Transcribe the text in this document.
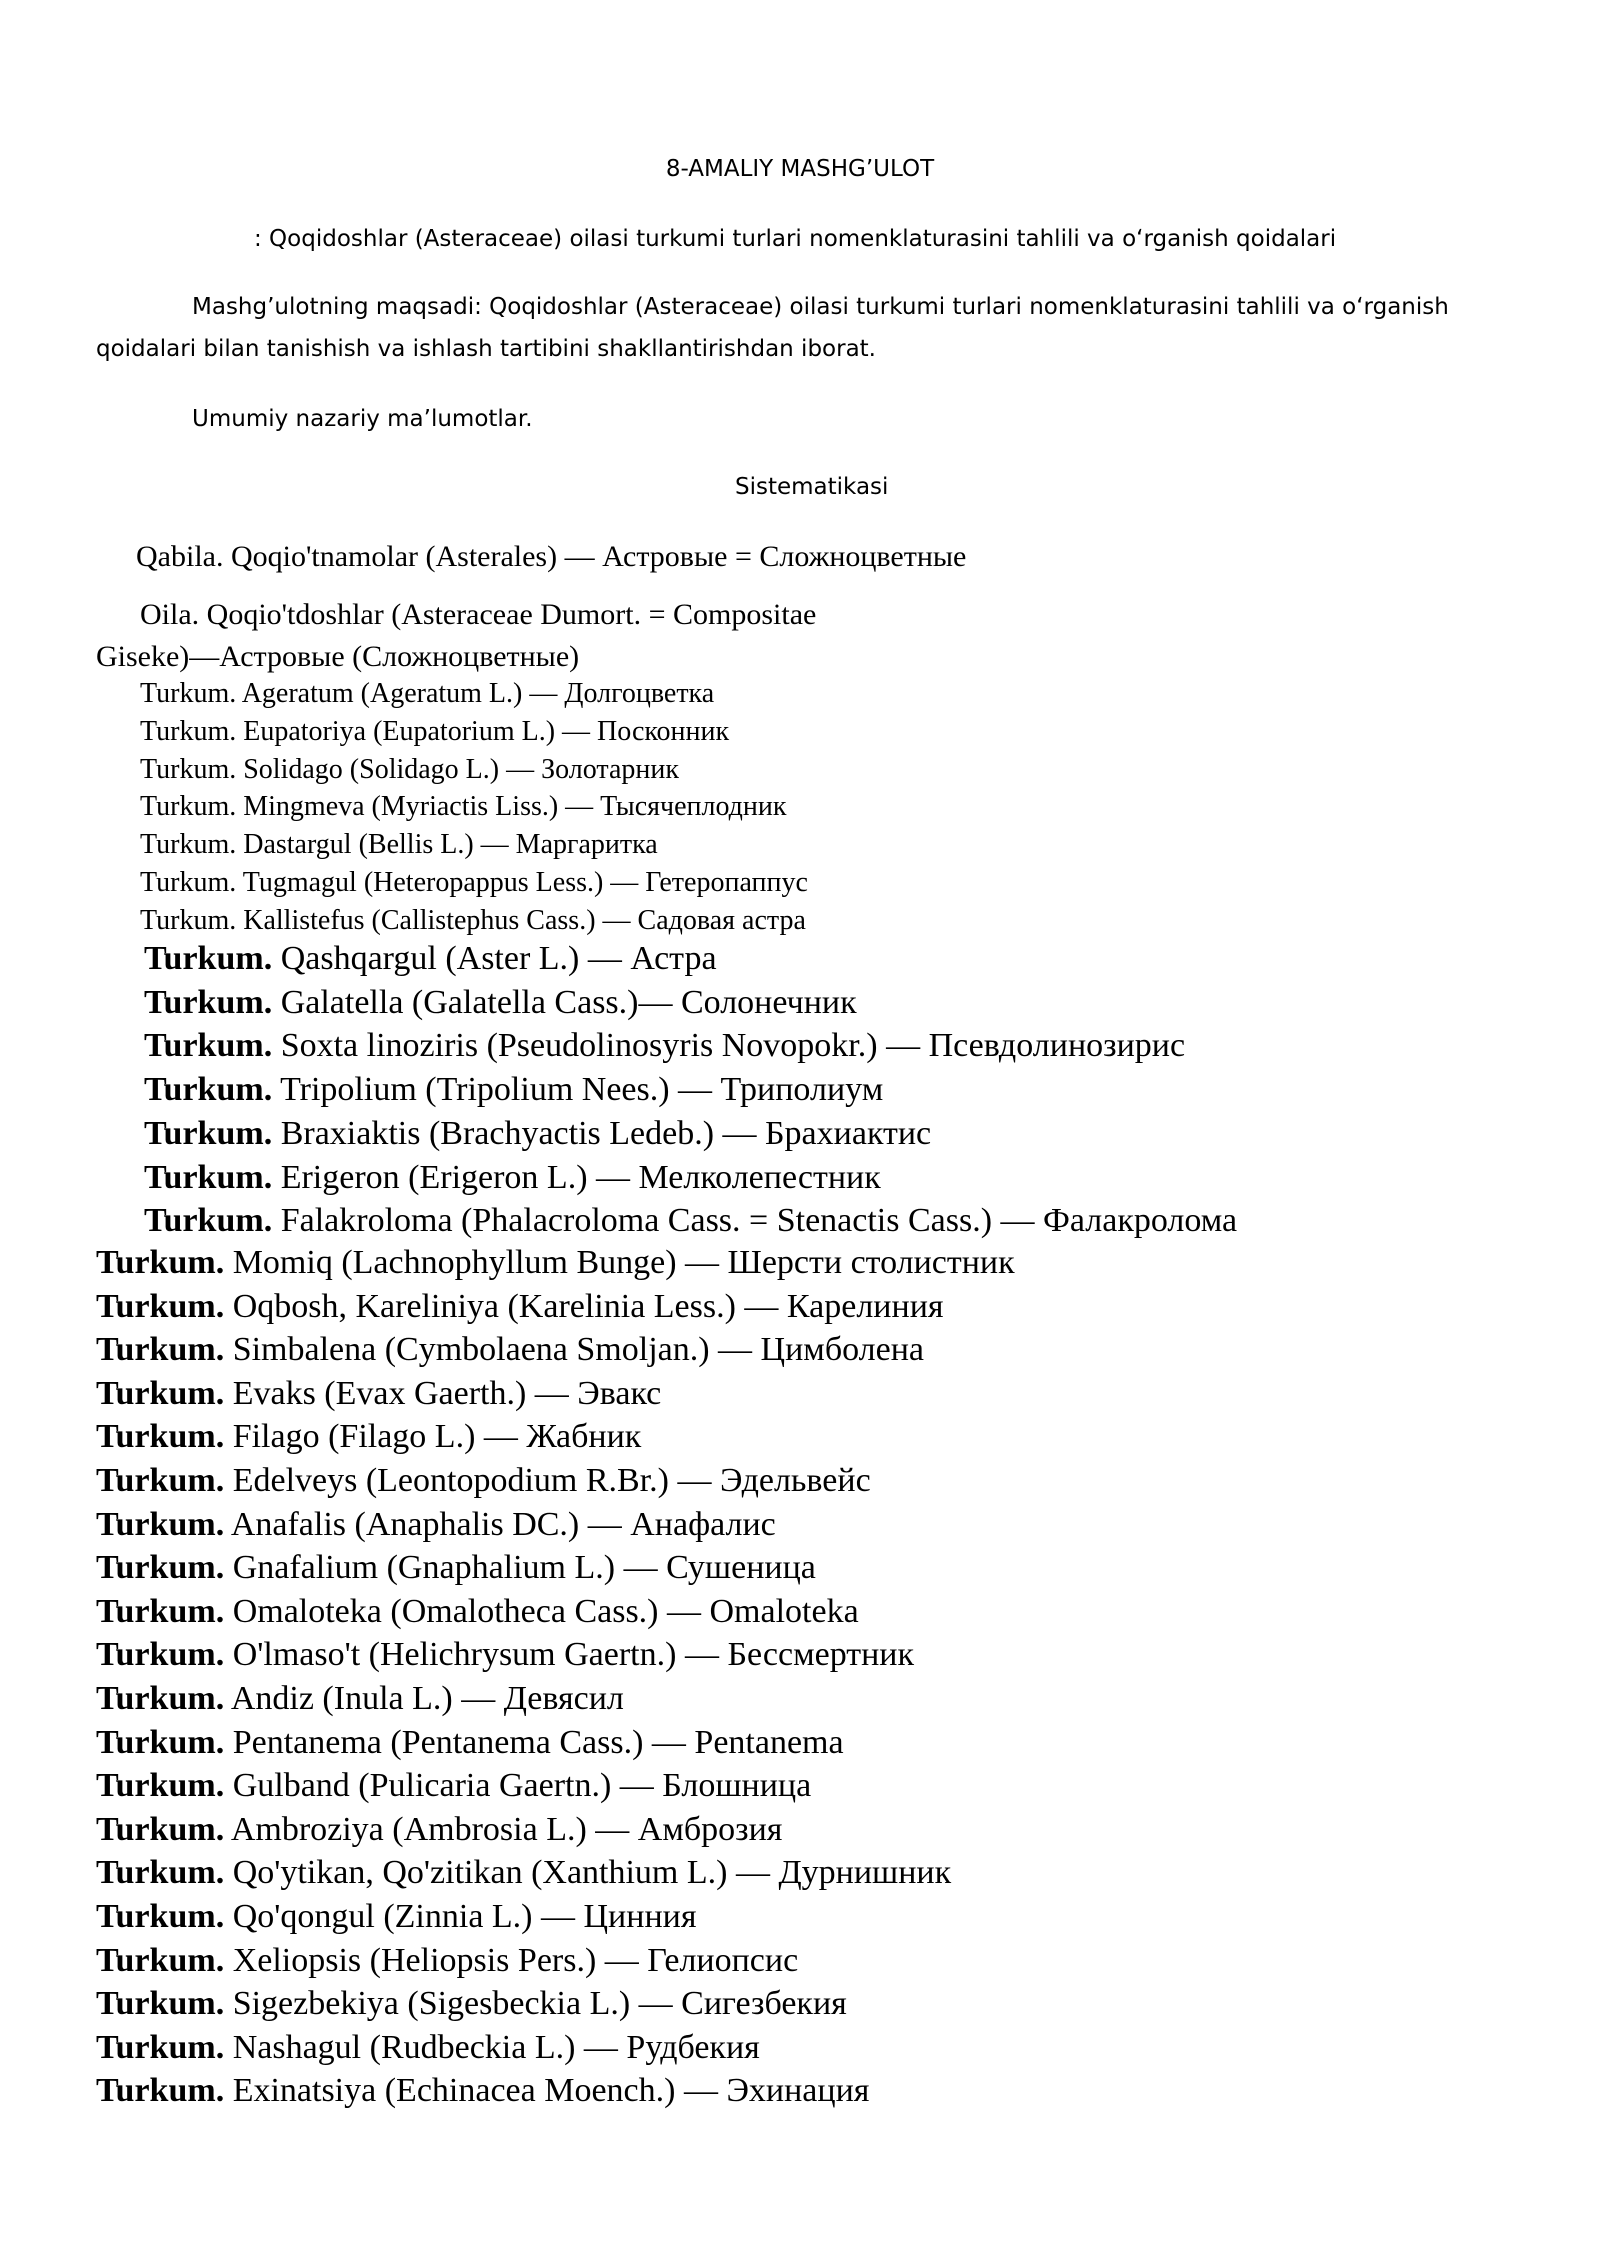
8-AMALIY MASHG’ULOT
: Qoqidoshlar (Asteraceae) oilasi turkumi turlari nomenklaturasini tahlili va oʻrganish qoidalari
Mashg’ulotning maqsadi: Qoqidoshlar (Asteraceae) oilasi turkumi turlari nomenklaturasini tahlili va oʻrganish
qoidalari bilan tanishish va ishlash tartibini shakllantirishdan iborat.
Umumiy nazariy ma’lumotlar.
Sistematikasi
Qabila. Qoqio'tnamolar (Asterales) — Астровые = Сложноцветные
Oila. Qoqio'tdoshlar (Asteraceae Dumort. = Compositae
Giseke)—Астровые (Сложноцветные)
Turkum. Ageratum (Ageratum L.) — Долгоцветка
Turkum. Eupatoriya (Eupatorium L.) — Посконник
Turkum. Solidago (Solidago L.) — Золотарник
Turkum. Mingmeva (Myriactis Liss.) — Тысячеплодник
Turkum. Dastargul (Bellis L.) — Маргаритка
Turkum. Tugmagul (Heteropappus Less.) — Гетеропаппус
Turkum. Kallistefus (Callistephus Cass.) — Садовая астра
Turkum. Qashqargul (Aster L.) — Астра
Turkum. Galatella (Galatella Cass.)— Солонечник
Turkum. Soxta linoziris (Pseudolinosyris Novopokr.) — Псевдолинозирис
Turkum. Tripolium (Tripolium Nees.) — Триполиум
Turkum. Braxiaktis (Brachyactis Ledeb.) — Брахиактис
Turkum. Erigeron (Erigeron L.) — Мелколепестник
Turkum. Falakroloma (Phalacroloma Cass. = Stenactis Cass.) — Фалакролома
Turkum. Momiq (Lachnophyllum Bunge) — Шерсти столистник
Turkum. Oqbosh, Kareliniya (Karelinia Less.) — Карелиния
Turkum. Simbalena (Cymbolaena Smoljan.) — Цимболена
Turkum. Evaks (Evax Gaerth.) — Эвакс
Turkum. Filago (Filago L.) — Жабник
Turkum. Edelveys (Leontopodium R.Br.) — Эдельвейс
Turkum. Anafalis (Anaphalis DC.) — Анафалис
Turkum. Gnafalium (Gnaphalium L.) — Сушеница
Turkum. Omaloteka (Omalotheca Cass.) — Omaloteka
Turkum. O'lmaso't (Helichrysum Gaertn.) — Бессмертник
Turkum. Andiz (Inula L.) — Девясил
Turkum. Pentanema (Pentanema Cass.) — Pentanema
Turkum. Gulband (Pulicaria Gaertn.) — Блошница
Turkum. Ambroziya (Ambrosia L.) — Амброзия
Turkum. Qo'ytikan, Qo'zitikan (Xanthium L.) — Дурнишник
Turkum. Qo'qongul (Zinnia L.) — Цинния
Turkum. Xeliopsis (Heliopsis Pers.) — Гелиопсис
Turkum. Sigezbekiya (Sigesbeckia L.) — Сигезбекия
Turkum. Nashagul (Rudbeckia L.) — Рудбекия
Turkum. Exinatsiya (Echinacea Moench.) — Эхинация
